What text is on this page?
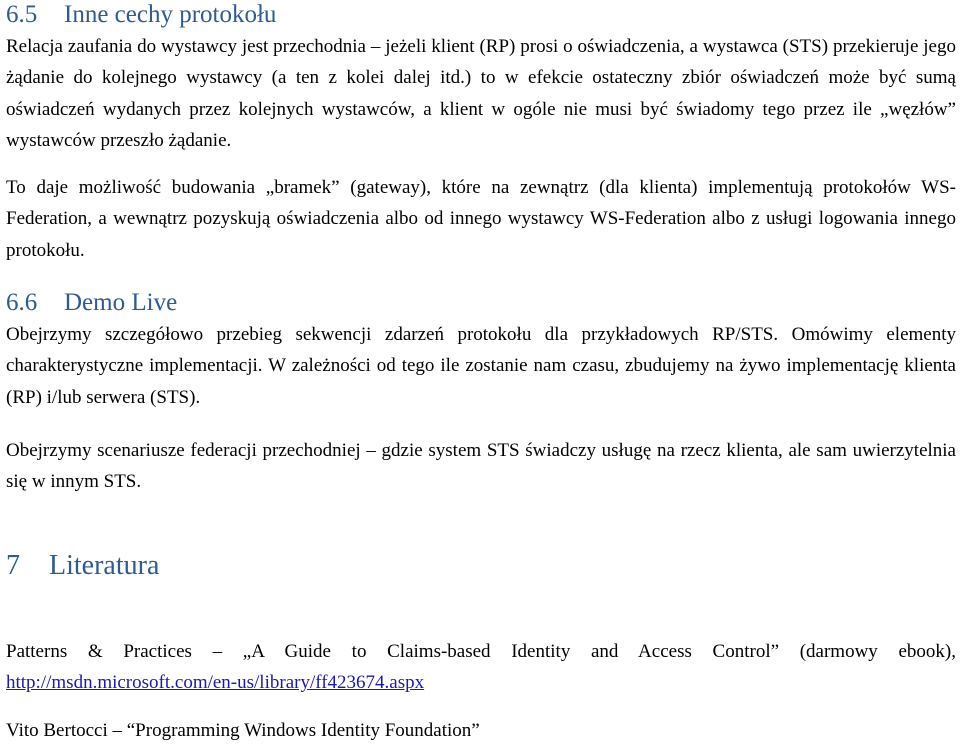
6.5 Inne cechy protokołu

Relacja zaufania do wystawcy jest przechodnia – jeżeli klient (RP) prosi o oświadczenia, a wystawca (STS) przekieruje jego żądanie do kolejnego wystawcy (a ten z kolei dalej itd.) to w efekcie ostateczny zbiór oświadczeń może być sumą oświadczeń wydanych przez kolejnych wystawców, a klient w ogóle nie musi być świadomy tego przez ile „węzłów” wystawców przeszło żądanie.

To daje możliwość budowania „bramek” (gateway), które na zewnątrz (dla klienta) implementują protokołów WS-Federation, a wewnątrz pozyskują oświadczenia albo od innego wystawcy WS-Federation albo z usługi logowania innego protokołu.

6.6 Demo Live

Obejrzymy szczegółowo przebieg sekwencji zdarzeń protokołu dla przykładowych RP/STS. Omówimy elementy charakterystyczne implementacji. W zależności od tego ile zostanie nam czasu, zbudujemy na żywo implementację klienta (RP) i/lub serwera (STS).

Obejrzymy scenariusze federacji przechodniej – gdzie system STS świadczy usługę na rzecz klienta, ale sam uwierzytelnia się w innym STS.

7 Literatura

Patterns & Practices – „A Guide to Claims-based Identity and Access Control” (darmowy ebook),

http://msdn.microsoft.com/en-us/library/ff423674.aspx

Vito Bertocci – “Programming Windows Identity Foundation”
